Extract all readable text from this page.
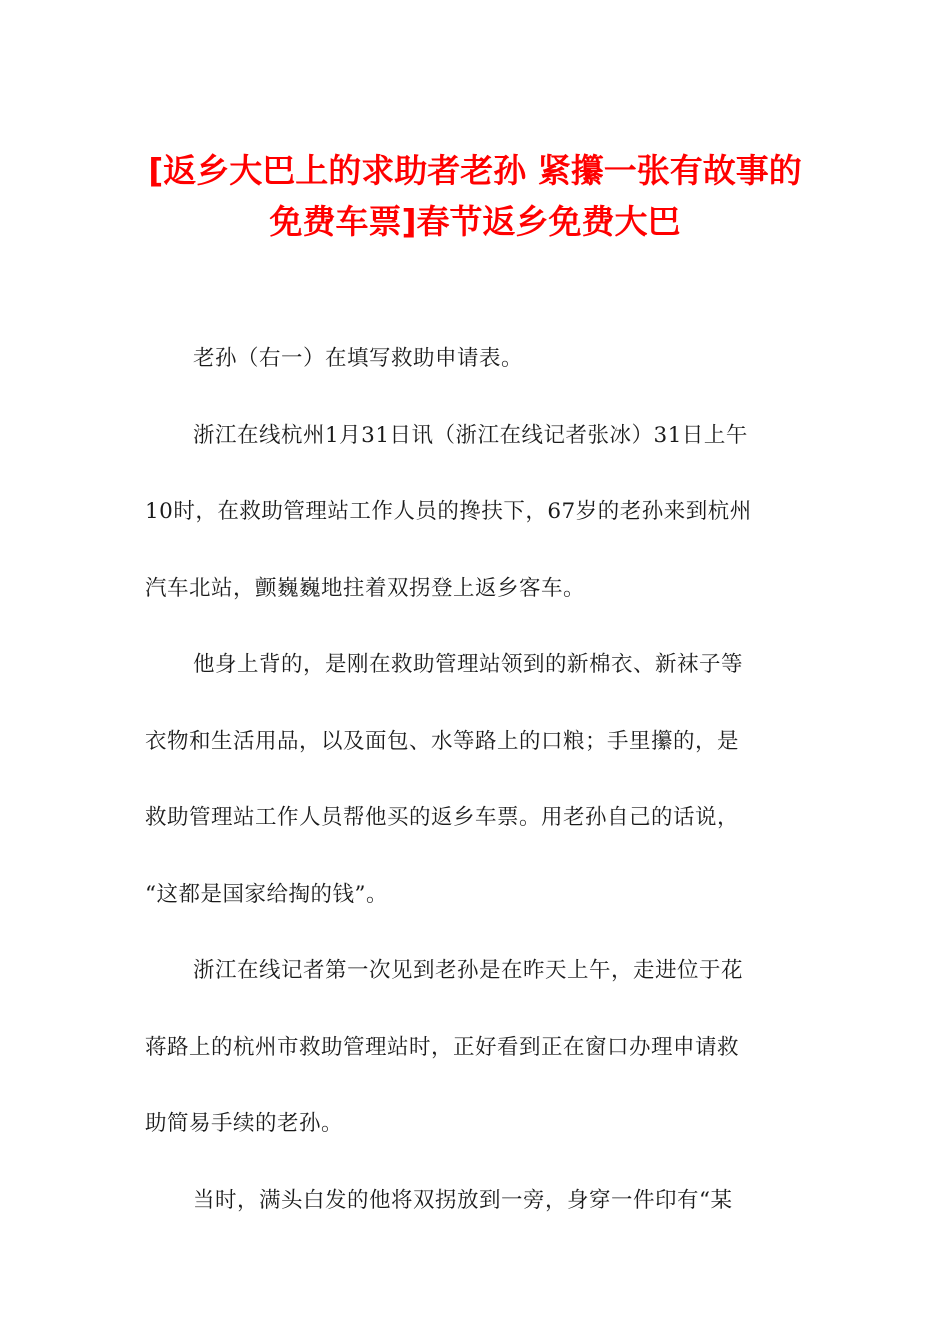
[返乡大巴上的求助者老孙 紧攥一张有故事的
免费车票]春节返乡免费大巴
老孙（右一）在填写救助申请表。
浙江在线杭州1月31日讯（浙江在线记者张冰）31日上午
10时，在救助管理站工作人员的搀扶下，67岁的老孙来到杭州
汽车北站，颤巍巍地拄着双拐登上返乡客车。
他身上背的，是刚在救助管理站领到的新棉衣、新袜子等
衣物和生活用品，以及面包、水等路上的口粮；手里攥的，是
救助管理站工作人员帮他买的返乡车票。用老孙自己的话说，
“这都是国家给掏的钱”。
浙江在线记者第一次见到老孙是在昨天上午，走进位于花
蒋路上的杭州市救助管理站时，正好看到正在窗口办理申请救
助简易手续的老孙。
当时，满头白发的他将双拐放到一旁，身穿一件印有“某
